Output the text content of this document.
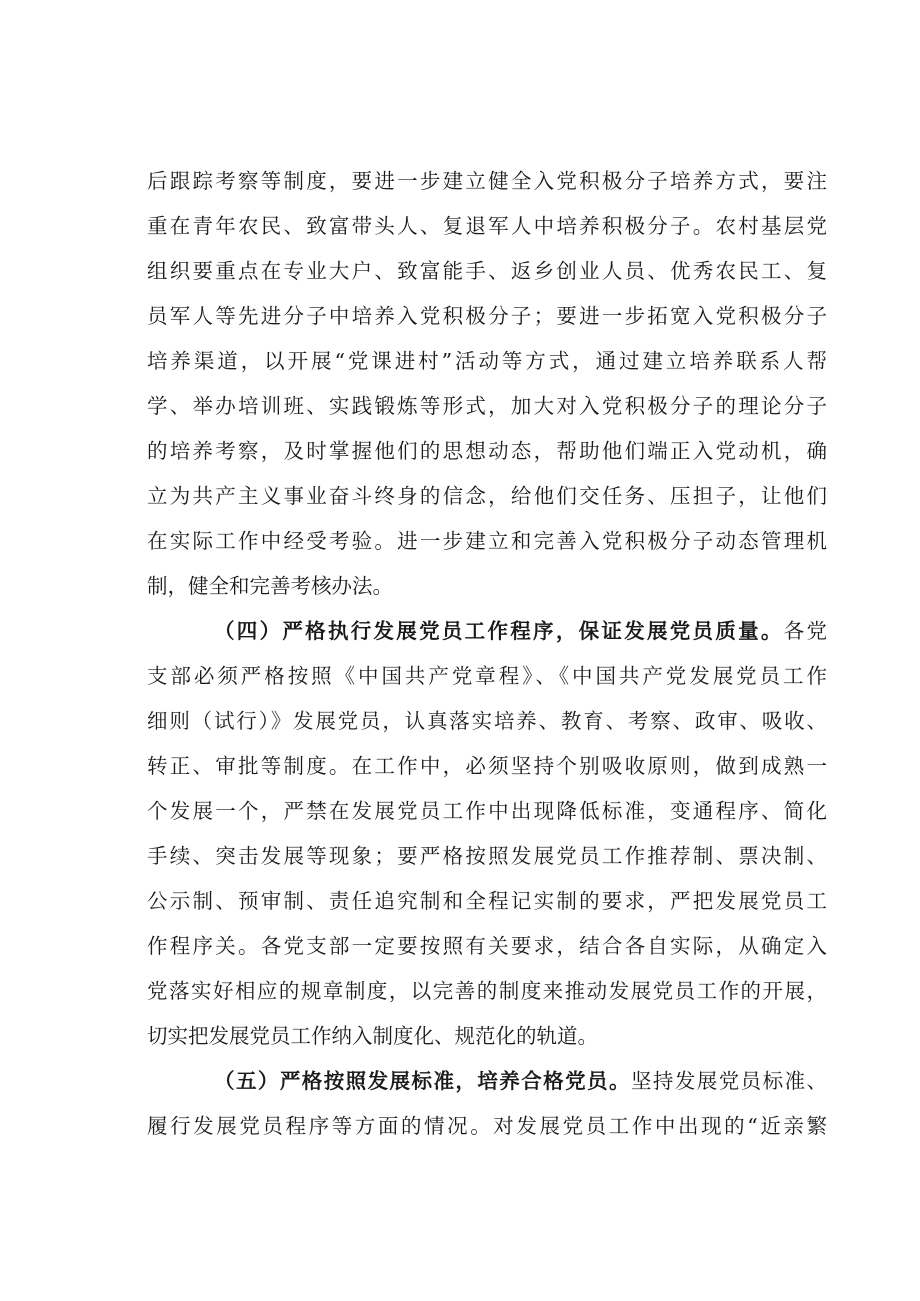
后跟踪考察等制度，要进一步建立健全入党积极分子培养方式，要注
重在青年农民、致富带头人、复退军人中培养积极分子。农村基层党
组织要重点在专业大户、致富能手、返乡创业人员、优秀农民工、复
员军人等先进分子中培养入党积极分子；要进一步拓宽入党积极分子
培养渠道，以开展“党课进村”活动等方式，通过建立培养联系人帮
学、举办培训班、实践锻炼等形式，加大对入党积极分子的理论分子
的培养考察，及时掌握他们的思想动态，帮助他们端正入党动机，确
立为共产主义事业奋斗终身的信念，给他们交任务、压担子，让他们
在实际工作中经受考验。进一步建立和完善入党积极分子动态管理机
制，健全和完善考核办法。
（四）严格执行发展党员工作程序，保证发展党员质量。各党
支部必须严格按照《中国共产党章程》、《中国共产党发展党员工作
细则（试行）》发展党员，认真落实培养、教育、考察、政审、吸收、
转正、审批等制度。在工作中，必须坚持个别吸收原则，做到成熟一
个发展一个，严禁在发展党员工作中出现降低标准，变通程序、简化
手续、突击发展等现象；要严格按照发展党员工作推荐制、票决制、
公示制、预审制、责任追究制和全程记实制的要求，严把发展党员工
作程序关。各党支部一定要按照有关要求，结合各自实际，从确定入
党落实好相应的规章制度，以完善的制度来推动发展党员工作的开展，
切实把发展党员工作纳入制度化、规范化的轨道。
（五）严格按照发展标准，培养合格党员。坚持发展党员标准、
履行发展党员程序等方面的情况。对发展党员工作中出现的“近亲繁
